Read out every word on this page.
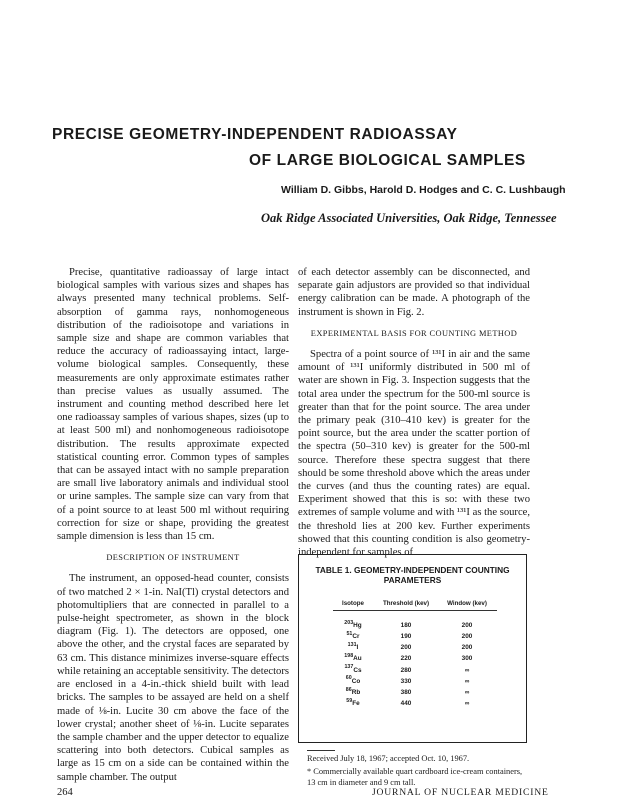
PRECISE GEOMETRY-INDEPENDENT RADIOASSAY
OF LARGE BIOLOGICAL SAMPLES
William D. Gibbs, Harold D. Hodges and C. C. Lushbaugh
Oak Ridge Associated Universities, Oak Ridge, Tennessee

Precise, quantitative radioassay of large intact biological samples with various sizes and shapes has always presented many technical problems. Self-absorption of gamma rays, nonhomogeneous distribution of the radioisotope and variations in sample size and shape are common variables that reduce the accuracy of radioassaying intact, large-volume biological samples. Consequently, these measurements are only approximate estimates rather than precise values as usually assumed. The instrument and counting method described here let one radioassay samples of various shapes, sizes (up to at least 500 ml) and nonhomogeneous radioisotope distribution. The results approximate expected statistical counting error. Common types of samples that can be assayed intact with no sample preparation are small live laboratory animals and individual stool or urine samples. The sample size can vary from that of a point source to at least 500 ml without requiring correction for size or shape, providing the greatest sample dimension is less than 15 cm.

DESCRIPTION OF INSTRUMENT

The instrument, an opposed-head counter, consists of two matched 2 × 1-in. NaI(Tl) crystal detectors and photomultipliers that are connected in parallel to a pulse-height spectrometer, as shown in the block diagram (Fig. 1). The detectors are opposed, one above the other, and the crystal faces are separated by 63 cm. This distance minimizes inverse-square effects while retaining an acceptable sensitivity. The detectors are enclosed in a 4-in.-thick shield built with lead bricks. The samples to be assayed are held on a shelf made of ⅛-in. Lucite 30 cm above the face of the lower crystal; another sheet of ⅛-in. Lucite separates the sample chamber and the upper detector to equalize scattering into both detectors. Cubical samples as large as 15 cm on a side can be contained within the sample chamber. The output

of each detector assembly can be disconnected, and separate gain adjustors are provided so that individual energy calibration can be made. A photograph of the instrument is shown in Fig. 2.

EXPERIMENTAL BASIS FOR COUNTING METHOD

Spectra of a point source of ¹³¹I in air and the same amount of ¹³¹I uniformly distributed in 500 ml of water are shown in Fig. 3. Inspection suggests that the total area under the spectrum for the 500-ml source is greater than that for the point source. The area under the primary peak (310–410 kev) is greater for the point source, but the area under the scatter portion of the spectra (50–310 kev) is greater for the 500-ml source. Therefore these spectra suggest that there should be some threshold above which the areas under the curves (and thus the counting rates) are equal. Experiment showed that this is so: with these two extremes of sample volume and with ¹³¹I as the source, the threshold lies at 200 kev. Further experiments showed that this counting condition is also geometry-independent for samples of

TABLE 1. GEOMETRY-INDEPENDENT COUNTING
PARAMETERS
Isotope	Threshold (kev)	Window (kev)
$^{203}$Hg	180	200
$^{51}$Cr	190	200
$^{131}$I	200	200
$^{198}$Au	220	300
$^{137}$Cs	280	∞
$^{60}$Co	330	∞
$^{86}$Rb	380	∞
$^{59}$Fe	440	∞

Received July 18, 1967; accepted Oct. 10, 1967.

* Commercially available quart cardboard ice-cream containers, 13 cm in diameter and 9 cm tall.

264	JOURNAL OF NUCLEAR MEDICINE
